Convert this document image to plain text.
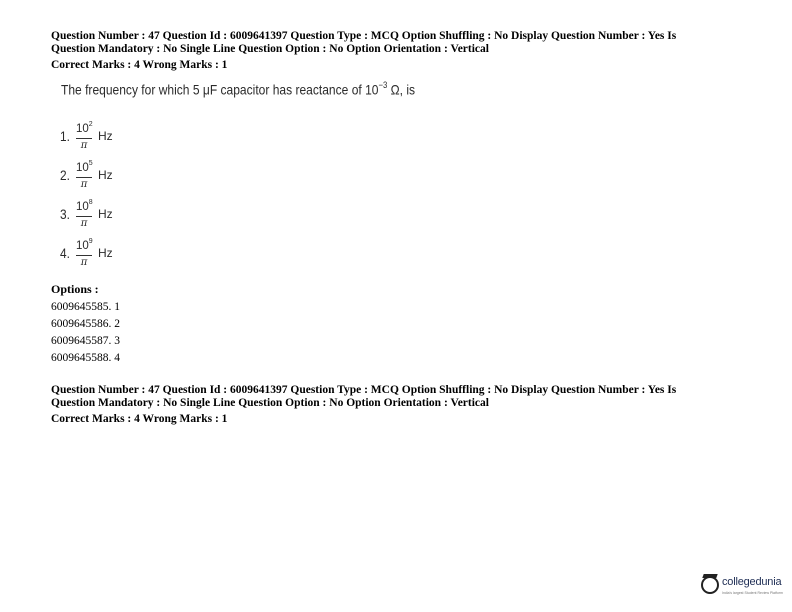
Question Number : 47 Question Id : 6009641397 Question Type : MCQ Option Shuffling : No Display Question Number : Yes Is
Question Mandatory : No Single Line Question Option : No Option Orientation : Vertical
Correct Marks : 4 Wrong Marks : 1
The frequency for which 5 μF capacitor has reactance of $10^{-3}$ Ω, is
1. $10^2$
π
Hz
2. $10^5$
π
Hz
3. $10^8$
π
Hz
4. $10^9$
π
Hz
Options :
6009645585. 1
6009645586. 2
6009645587. 3
6009645588. 4
Question Number : 47 Question Id : 6009641397 Question Type : MCQ Option Shuffling : No Display Question Number : Yes Is
Question Mandatory : No Single Line Question Option : No Option Orientation : Vertical
Correct Marks : 4 Wrong Marks : 1
collegedunia
India's largest Student Review Platform
